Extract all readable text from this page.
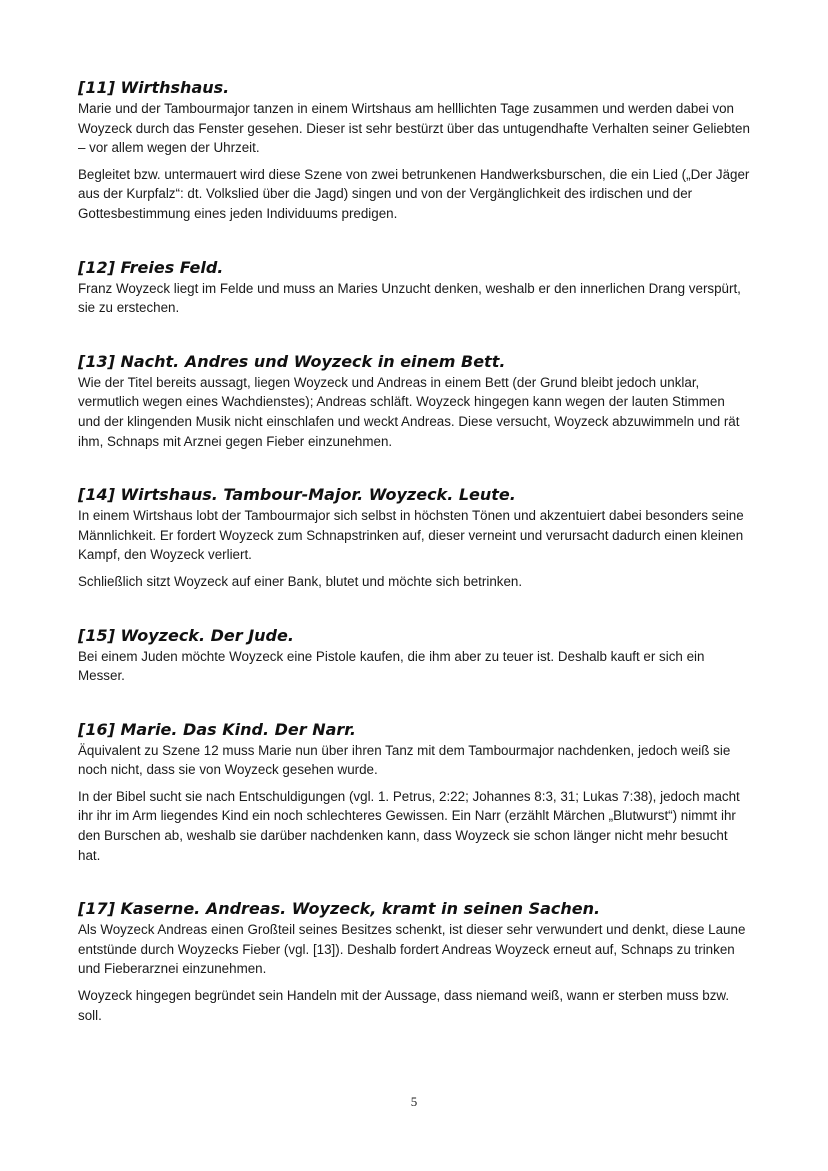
[11] Wirthshaus.

Marie und der Tambourmajor tanzen in einem Wirtshaus am helllichten Tage zusammen und werden dabei von Woyzeck durch das Fenster gesehen. Dieser ist sehr bestürzt über das untugendhafte Verhalten seiner Geliebten – vor allem wegen der Uhrzeit.

Begleitet bzw. untermauert wird diese Szene von zwei betrunkenen Handwerksburschen, die ein Lied („Der Jäger aus der Kurpfalz“: dt. Volkslied über die Jagd) singen und von der Vergänglichkeit des irdischen und der Gottesbestimmung eines jeden Individuums predigen.

[12] Freies Feld.

Franz Woyzeck liegt im Felde und muss an Maries Unzucht denken, weshalb er den innerlichen Drang verspürt, sie zu erstechen.

[13] Nacht. Andres und Woyzeck in einem Bett.

Wie der Titel bereits aussagt, liegen Woyzeck und Andreas in einem Bett (der Grund bleibt jedoch unklar, vermutlich wegen eines Wachdienstes); Andreas schläft. Woyzeck hingegen kann wegen der lauten Stimmen und der klingenden Musik nicht einschlafen und weckt Andreas. Diese versucht, Woyzeck abzuwimmeln und rät ihm, Schnaps mit Arznei gegen Fieber einzunehmen.

[14] Wirtshaus. Tambour-Major. Woyzeck. Leute.

In einem Wirtshaus lobt der Tambourmajor sich selbst in höchsten Tönen und akzentuiert dabei besonders seine Männlichkeit. Er fordert Woyzeck zum Schnapstrinken auf, dieser verneint und verursacht dadurch einen kleinen Kampf, den Woyzeck verliert.

Schließlich sitzt Woyzeck auf einer Bank, blutet und möchte sich betrinken.

[15] Woyzeck. Der Jude.

Bei einem Juden möchte Woyzeck eine Pistole kaufen, die ihm aber zu teuer ist. Deshalb kauft er sich ein Messer.

[16] Marie. Das Kind. Der Narr.

Äquivalent zu Szene 12 muss Marie nun über ihren Tanz mit dem Tambourmajor nachdenken, jedoch weiß sie noch nicht, dass sie von Woyzeck gesehen wurde.

In der Bibel sucht sie nach Entschuldigungen (vgl. 1. Petrus, 2:22; Johannes 8:3, 31; Lukas 7:38), jedoch macht ihr ihr im Arm liegendes Kind ein noch schlechteres Gewissen. Ein Narr (erzählt Märchen „Blutwurst“) nimmt ihr den Burschen ab, weshalb sie darüber nachdenken kann, dass Woyzeck sie schon länger nicht mehr besucht hat.

[17] Kaserne. Andreas. Woyzeck, kramt in seinen Sachen.

Als Woyzeck Andreas einen Großteil seines Besitzes schenkt, ist dieser sehr verwundert und denkt, diese Laune entstünde durch Woyzecks Fieber (vgl. [13]). Deshalb fordert Andreas Woyzeck erneut auf, Schnaps zu trinken und Fieberarznei einzunehmen.

Woyzeck hingegen begründet sein Handeln mit der Aussage, dass niemand weiß, wann er sterben muss bzw. soll.

5
